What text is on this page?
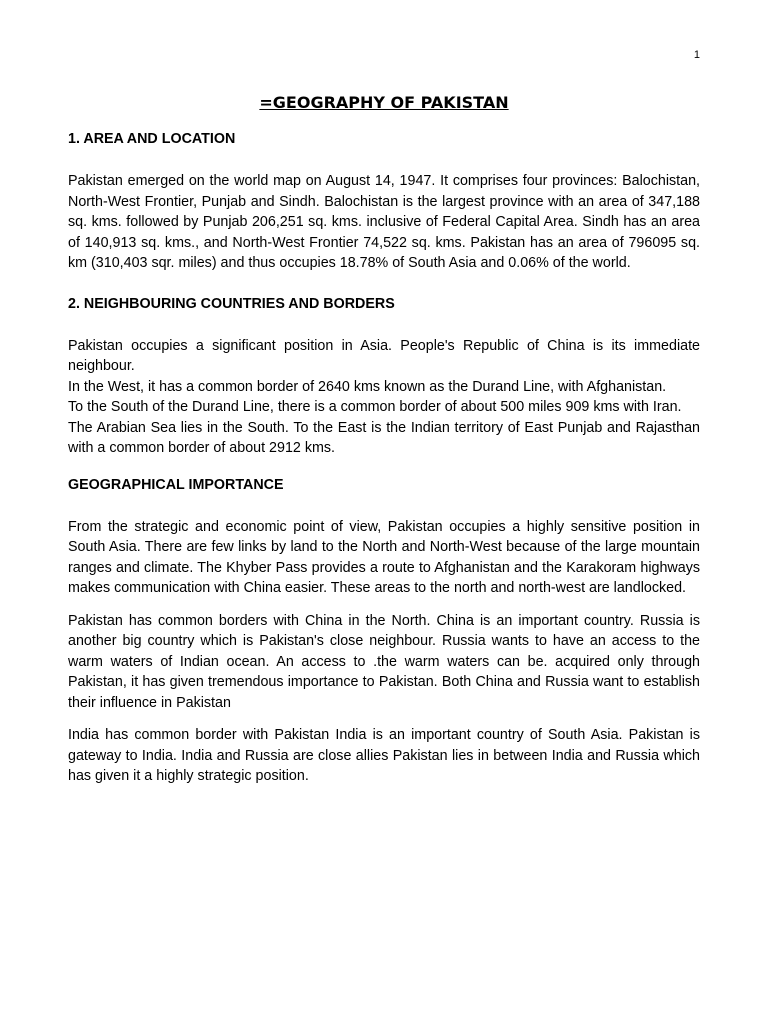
1
=GEOGRAPHY OF PAKISTAN
1. AREA AND LOCATION

Pakistan emerged on the world map on August 14, 1947. It comprises four provinces: Balochistan, North-West Frontier, Punjab and Sindh. Balochistan is the largest province with an area of 347,188 sq. kms. followed by Punjab 206,251 sq. kms. inclusive of Federal Capital Area. Sindh has an area of 140,913 sq. kms., and North-West Frontier 74,522 sq. kms. Pakistan has an area of 796095 sq. km (310,403 sqr. miles) and thus occupies 18.78% of South Asia and 0.06% of the world.

2. NEIGHBOURING COUNTRIES AND BORDERS

Pakistan occupies a significant position in Asia. People's Republic of China is its immediate neighbour.
In the West, it has a common border of 2640 kms known as the Durand Line, with Afghanistan.
To the South of the Durand Line, there is a common border of about 500 miles 909 kms with Iran.
The Arabian Sea lies in the South. To the East is the Indian territory of East Punjab and Rajasthan with a common border of about 2912 kms.

GEOGRAPHICAL IMPORTANCE

From the strategic and economic point of view, Pakistan occupies a highly sensitive position in South Asia. There are few links by land to the North and North-West because of the large mountain ranges and climate. The Khyber Pass provides a route to Afghanistan and the Karakoram highways makes communication with China easier. These areas to the north and north-west are landlocked.

Pakistan has common borders with China in the North. China is an important country. Russia is another big country which is Pakistan's close neighbour. Russia wants to have an access to the warm waters of Indian ocean. An access to .the warm waters can be. acquired only through Pakistan, it has given tremendous importance to Pakistan. Both China and Russia want to establish their influence in Pakistan

India has common border with Pakistan India is an important country of South Asia. Pakistan is gateway to India. India and Russia are close allies Pakistan lies in between India and Russia which has given it a highly strategic position.
